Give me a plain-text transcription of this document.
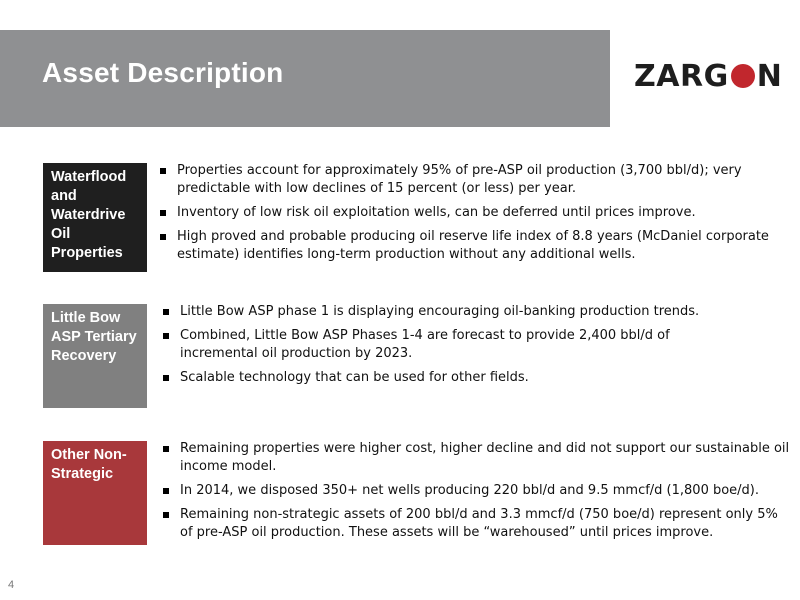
Asset Description	ZARG N
Waterflood and Waterdrive Oil Properties
Properties account for approximately 95% of pre-ASP oil production (3,700 bbl/d); very predictable with low declines of 15 percent (or less) per year.
Inventory of low risk oil exploitation wells, can be deferred until prices improve.
High proved and probable producing oil reserve life index of 8.8 years (McDaniel corporate estimate) identifies long-term production without any additional wells.
Little Bow ASP Tertiary Recovery
Little Bow ASP phase 1 is displaying encouraging oil-banking production trends.
Combined, Little Bow ASP Phases 1-4 are forecast to provide 2,400 bbl/d of incremental oil production by 2023.
Scalable technology that can be used for other fields.
Other Non-Strategic
Remaining properties were higher cost, higher decline and did not support our sustainable oil income model.
In 2014, we disposed 350+ net wells producing 220 bbl/d and 9.5 mmcf/d (1,800 boe/d).
Remaining non-strategic assets of 200 bbl/d and 3.3 mmcf/d (750 boe/d) represent only 5% of pre-ASP oil production. These assets will be “warehoused” until prices improve.
4
